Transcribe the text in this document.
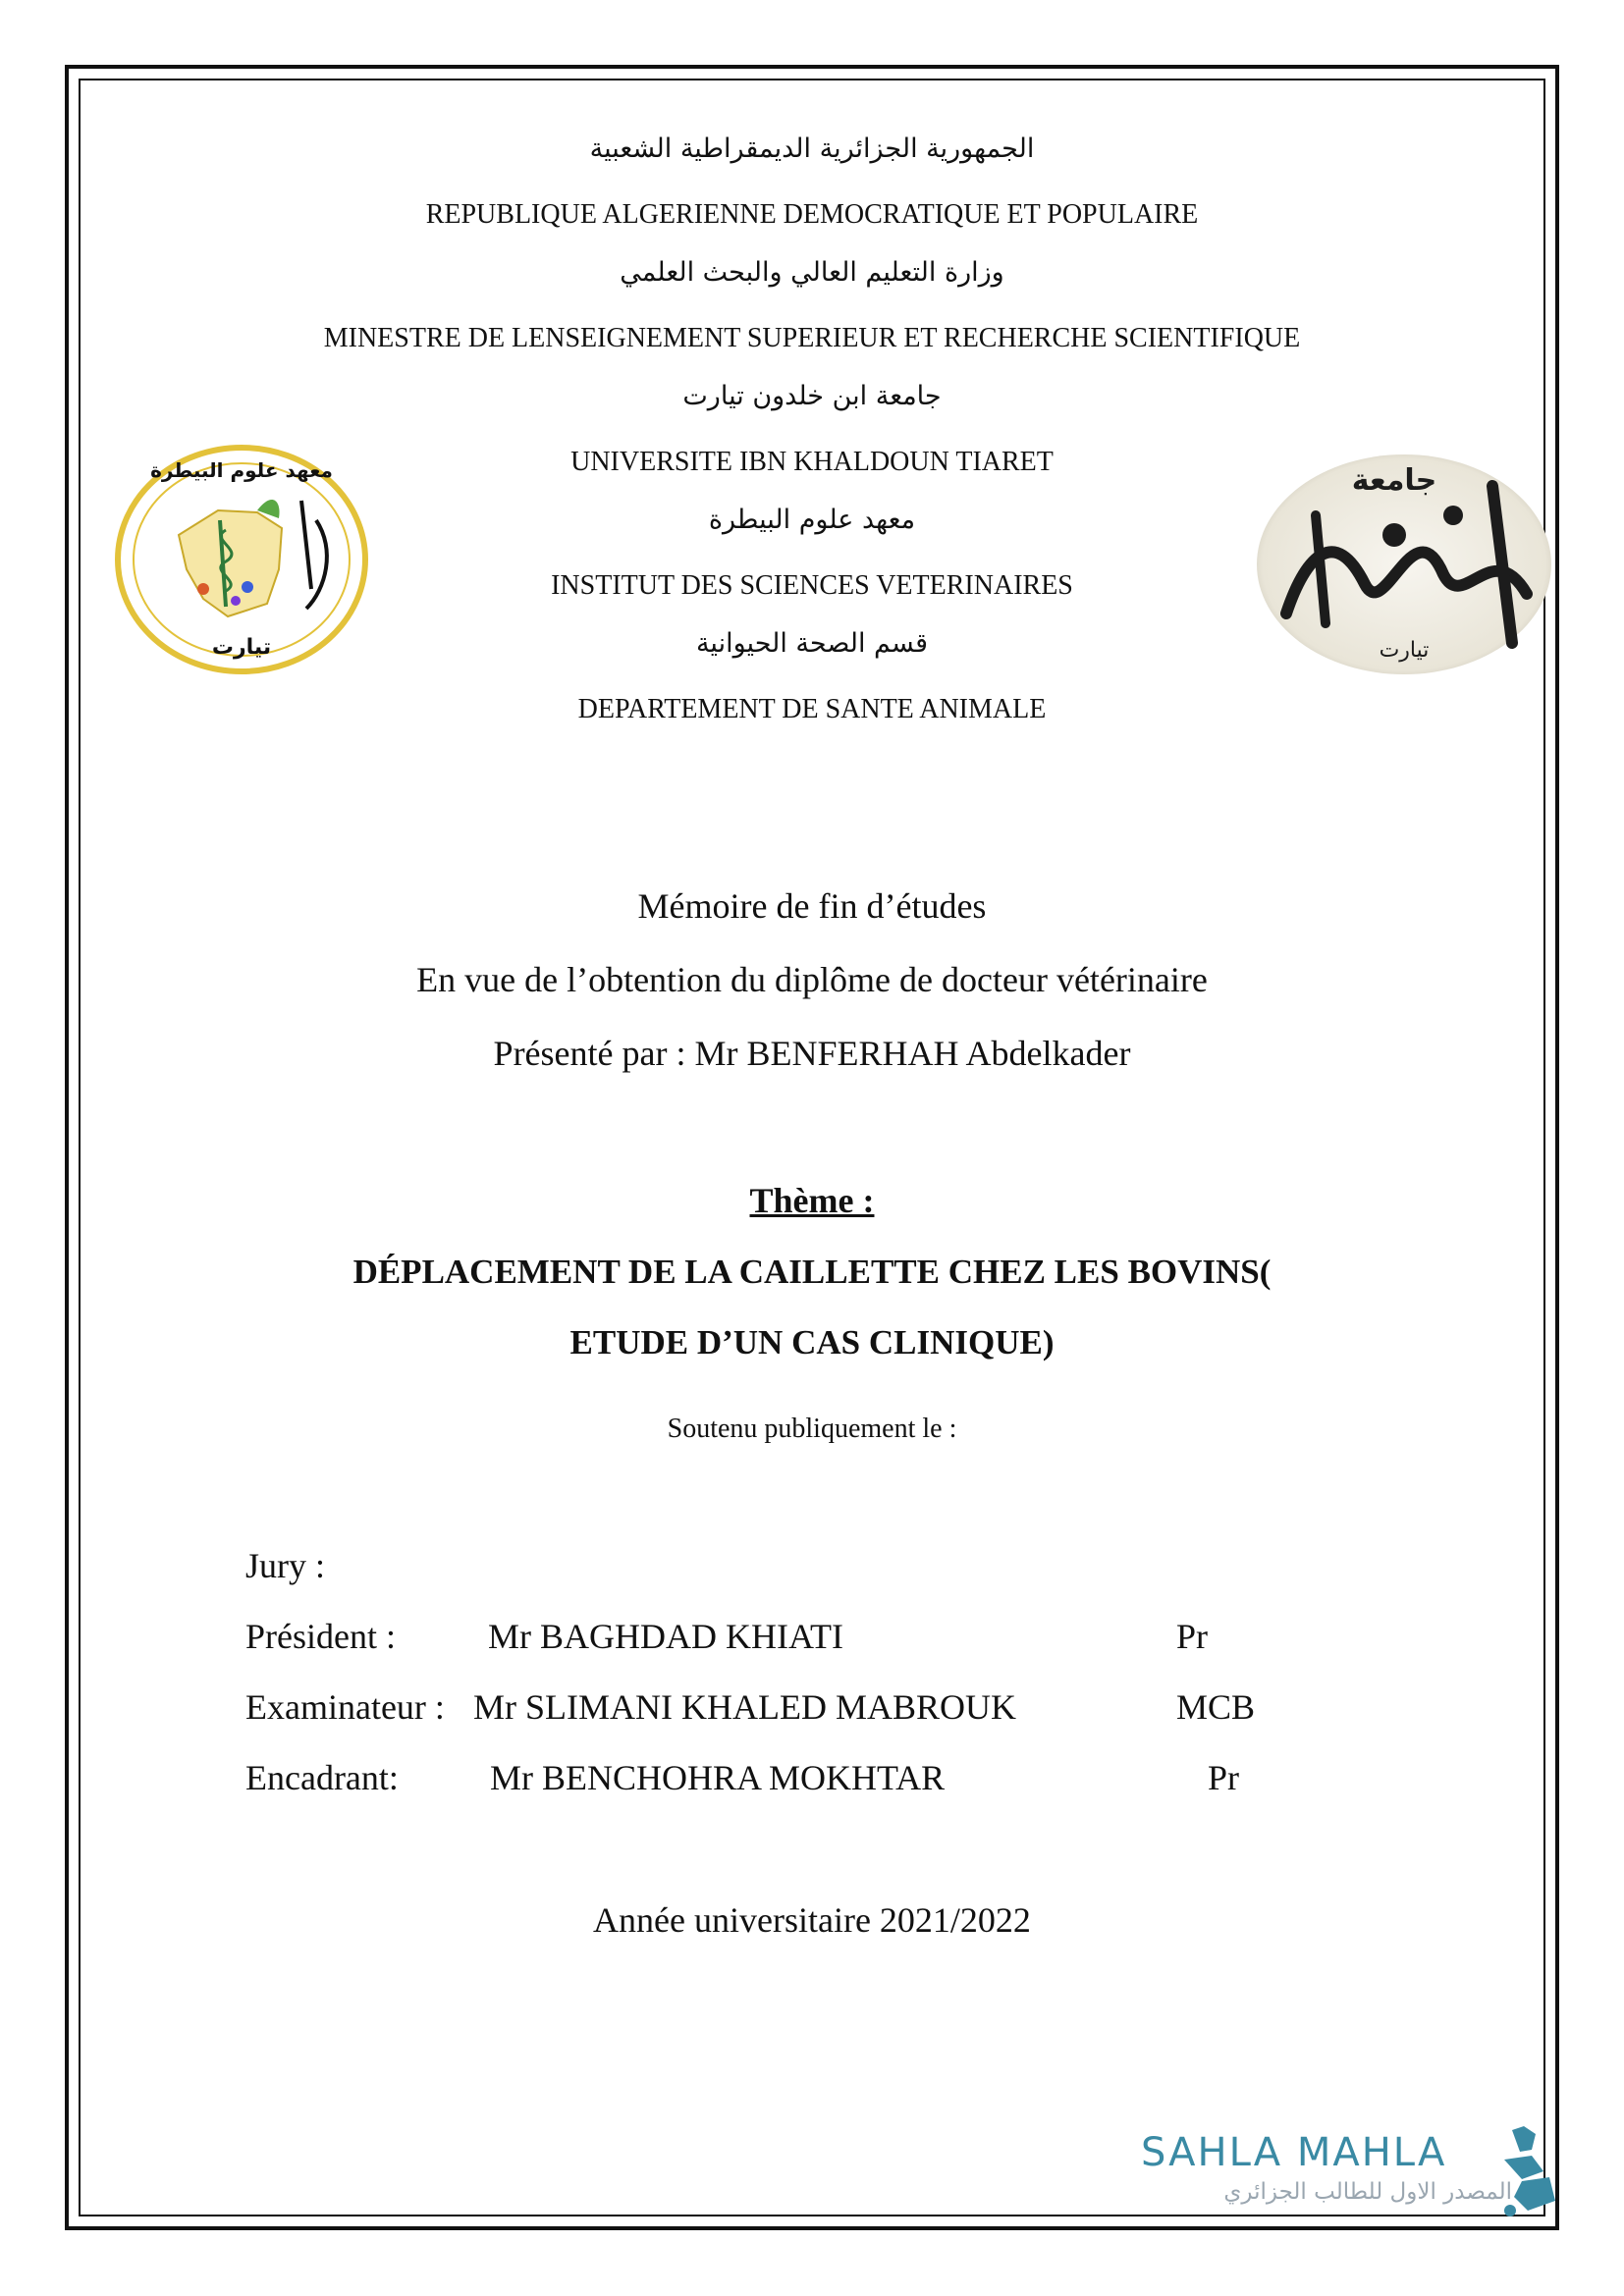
الجمهورية الجزائرية الديمقراطية الشعبية
REPUBLIQUE ALGERIENNE DEMOCRATIQUE ET POPULAIRE
وزارة التعليم العالي والبحث العلمي
MINESTRE DE LENSEIGNEMENT SUPERIEUR ET RECHERCHE SCIENTIFIQUE
جامعة ابن خلدون تيارت
UNIVERSITE IBN KHALDOUN TIARET
معهد علوم البيطرة
INSTITUT DES SCIENCES VETERINAIRES
قسم الصحة الحيوانية
DEPARTEMENT DE SANTE ANIMALE
معهد علوم البيطرة
تيارت
جامعة
تيارت
Mémoire de fin d’études
En vue de l’obtention du diplôme de docteur vétérinaire
Présenté par : Mr BENFERHAH Abdelkader
Thème :
DÉPLACEMENT DE LA CAILLETTE CHEZ LES BOVINS(
ETUDE D’UN CAS CLINIQUE)
Soutenu publiquement le :
Jury :
Président :	Mr BAGHDAD KHIATI	Pr
Examinateur : Mr SLIMANI KHALED MABROUK	MCB
Encadrant:	Mr BENCHOHRA MOKHTAR	Pr
Année universitaire 2021/2022
SAHLA MAHLA
المصدر الاول للطالب الجزائري
